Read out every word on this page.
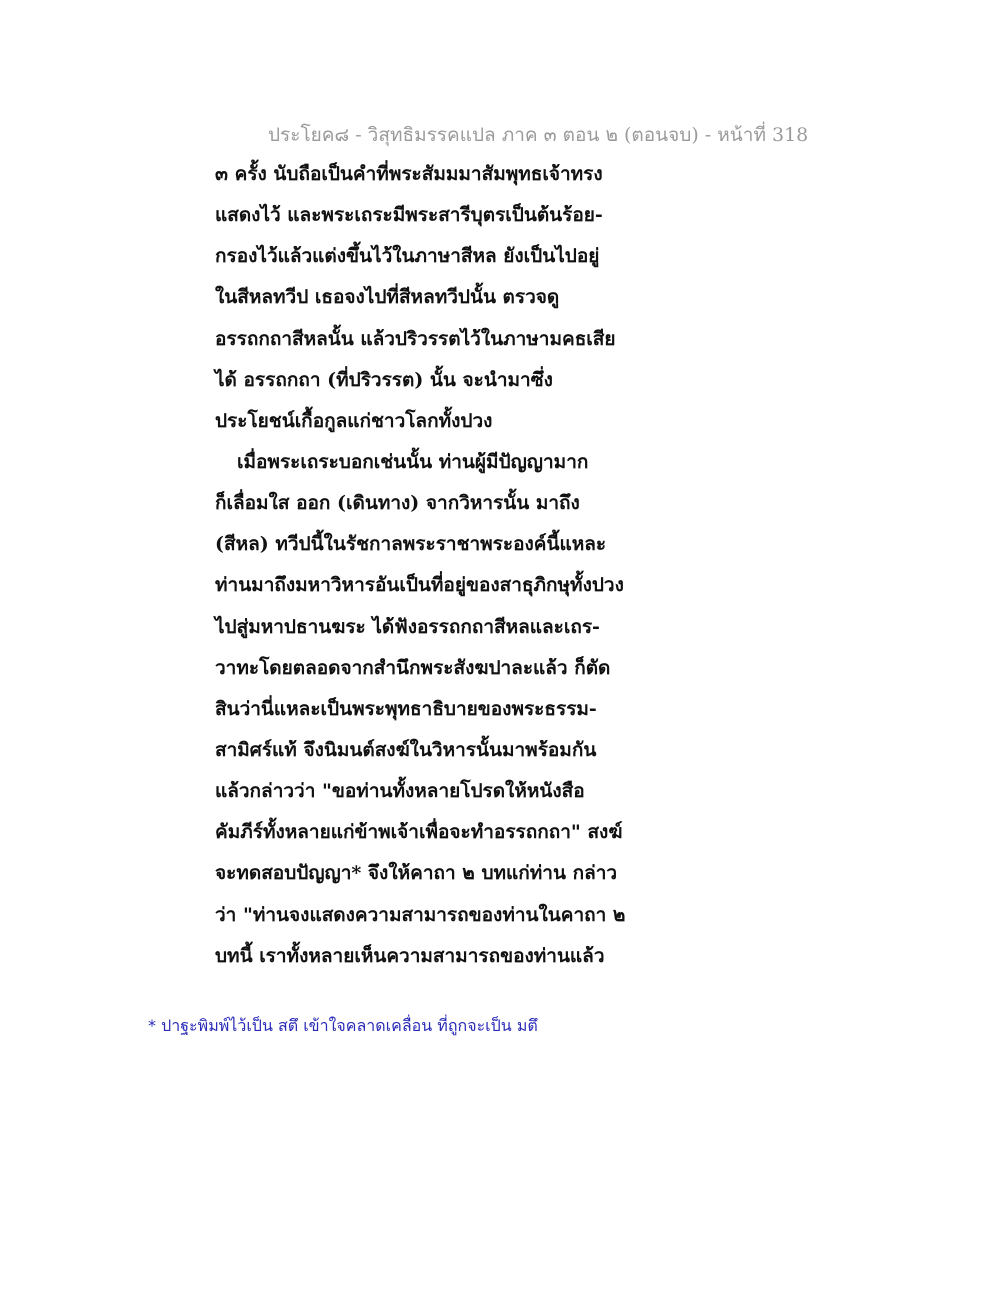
ประโยค๘ - วิสุทธิมรรคแปล ภาค ๓ ตอน ๒ (ตอนจบ) - หน้าที่ 318
๓ ครั้ง นับถือเป็นคำที่พระสัมมมาสัมพุทธเจ้าทรง
แสดงไว้ และพระเถระมีพระสารีบุตรเป็นต้นร้อย-
กรองไว้แล้วแต่งขึ้นไว้ในภาษาสีหล ยังเป็นไปอยู่
ในสีหลทวีป เธอจงไปที่สีหลทวีปนั้น ตรวจดู
อรรถกถาสีหลนั้น แล้วปริวรรตไว้ในภาษามคธเสีย
ได้ อรรถกถา (ที่ปริวรรต) นั้น จะนำมาซึ่ง
ประโยชน์เกื้อกูลแก่ชาวโลกทั้งปวง
เมื่อพระเถระบอกเช่นนั้น ท่านผู้มีปัญญามาก
ก็เลื่อมใส ออก (เดินทาง) จากวิหารนั้น มาถึง
(สีหล) ทวีปนี้ในรัชกาลพระราชาพระองค์นี้แหละ
ท่านมาถึงมหาวิหารอันเป็นที่อยู่ของสาธุภิกษุทั้งปวง
ไปสู่มหาปธานฆระ ได้ฟังอรรถกถาสีหลและเถร-
วาทะโดยตลอดจากสำนึกพระสังฆปาละแล้ว ก็ตัด
สินว่านี่แหละเป็นพระพุทธาธิบายของพระธรรม-
สามิศร์แท้ จึงนิมนต์สงฆ์ในวิหารนั้นมาพร้อมกัน
แล้วกล่าวว่า "ขอท่านทั้งหลายโปรดให้หนังสือ
คัมภีร์ทั้งหลายแก่ข้าพเจ้าเพื่อจะทำอรรถกถา" สงฆ์
จะทดสอบปัญญา* จึงให้คาถา ๒ บทแก่ท่าน กล่าว
ว่า "ท่านจงแสดงความสามารถของท่านในคาถา ๒
บทนี้ เราทั้งหลายเห็นความสามารถของท่านแล้ว
* ปาฐะพิมพ์ไว้เป็น สตึ เข้าใจคลาดเคลื่อน ที่ถูกจะเป็น มตึ
